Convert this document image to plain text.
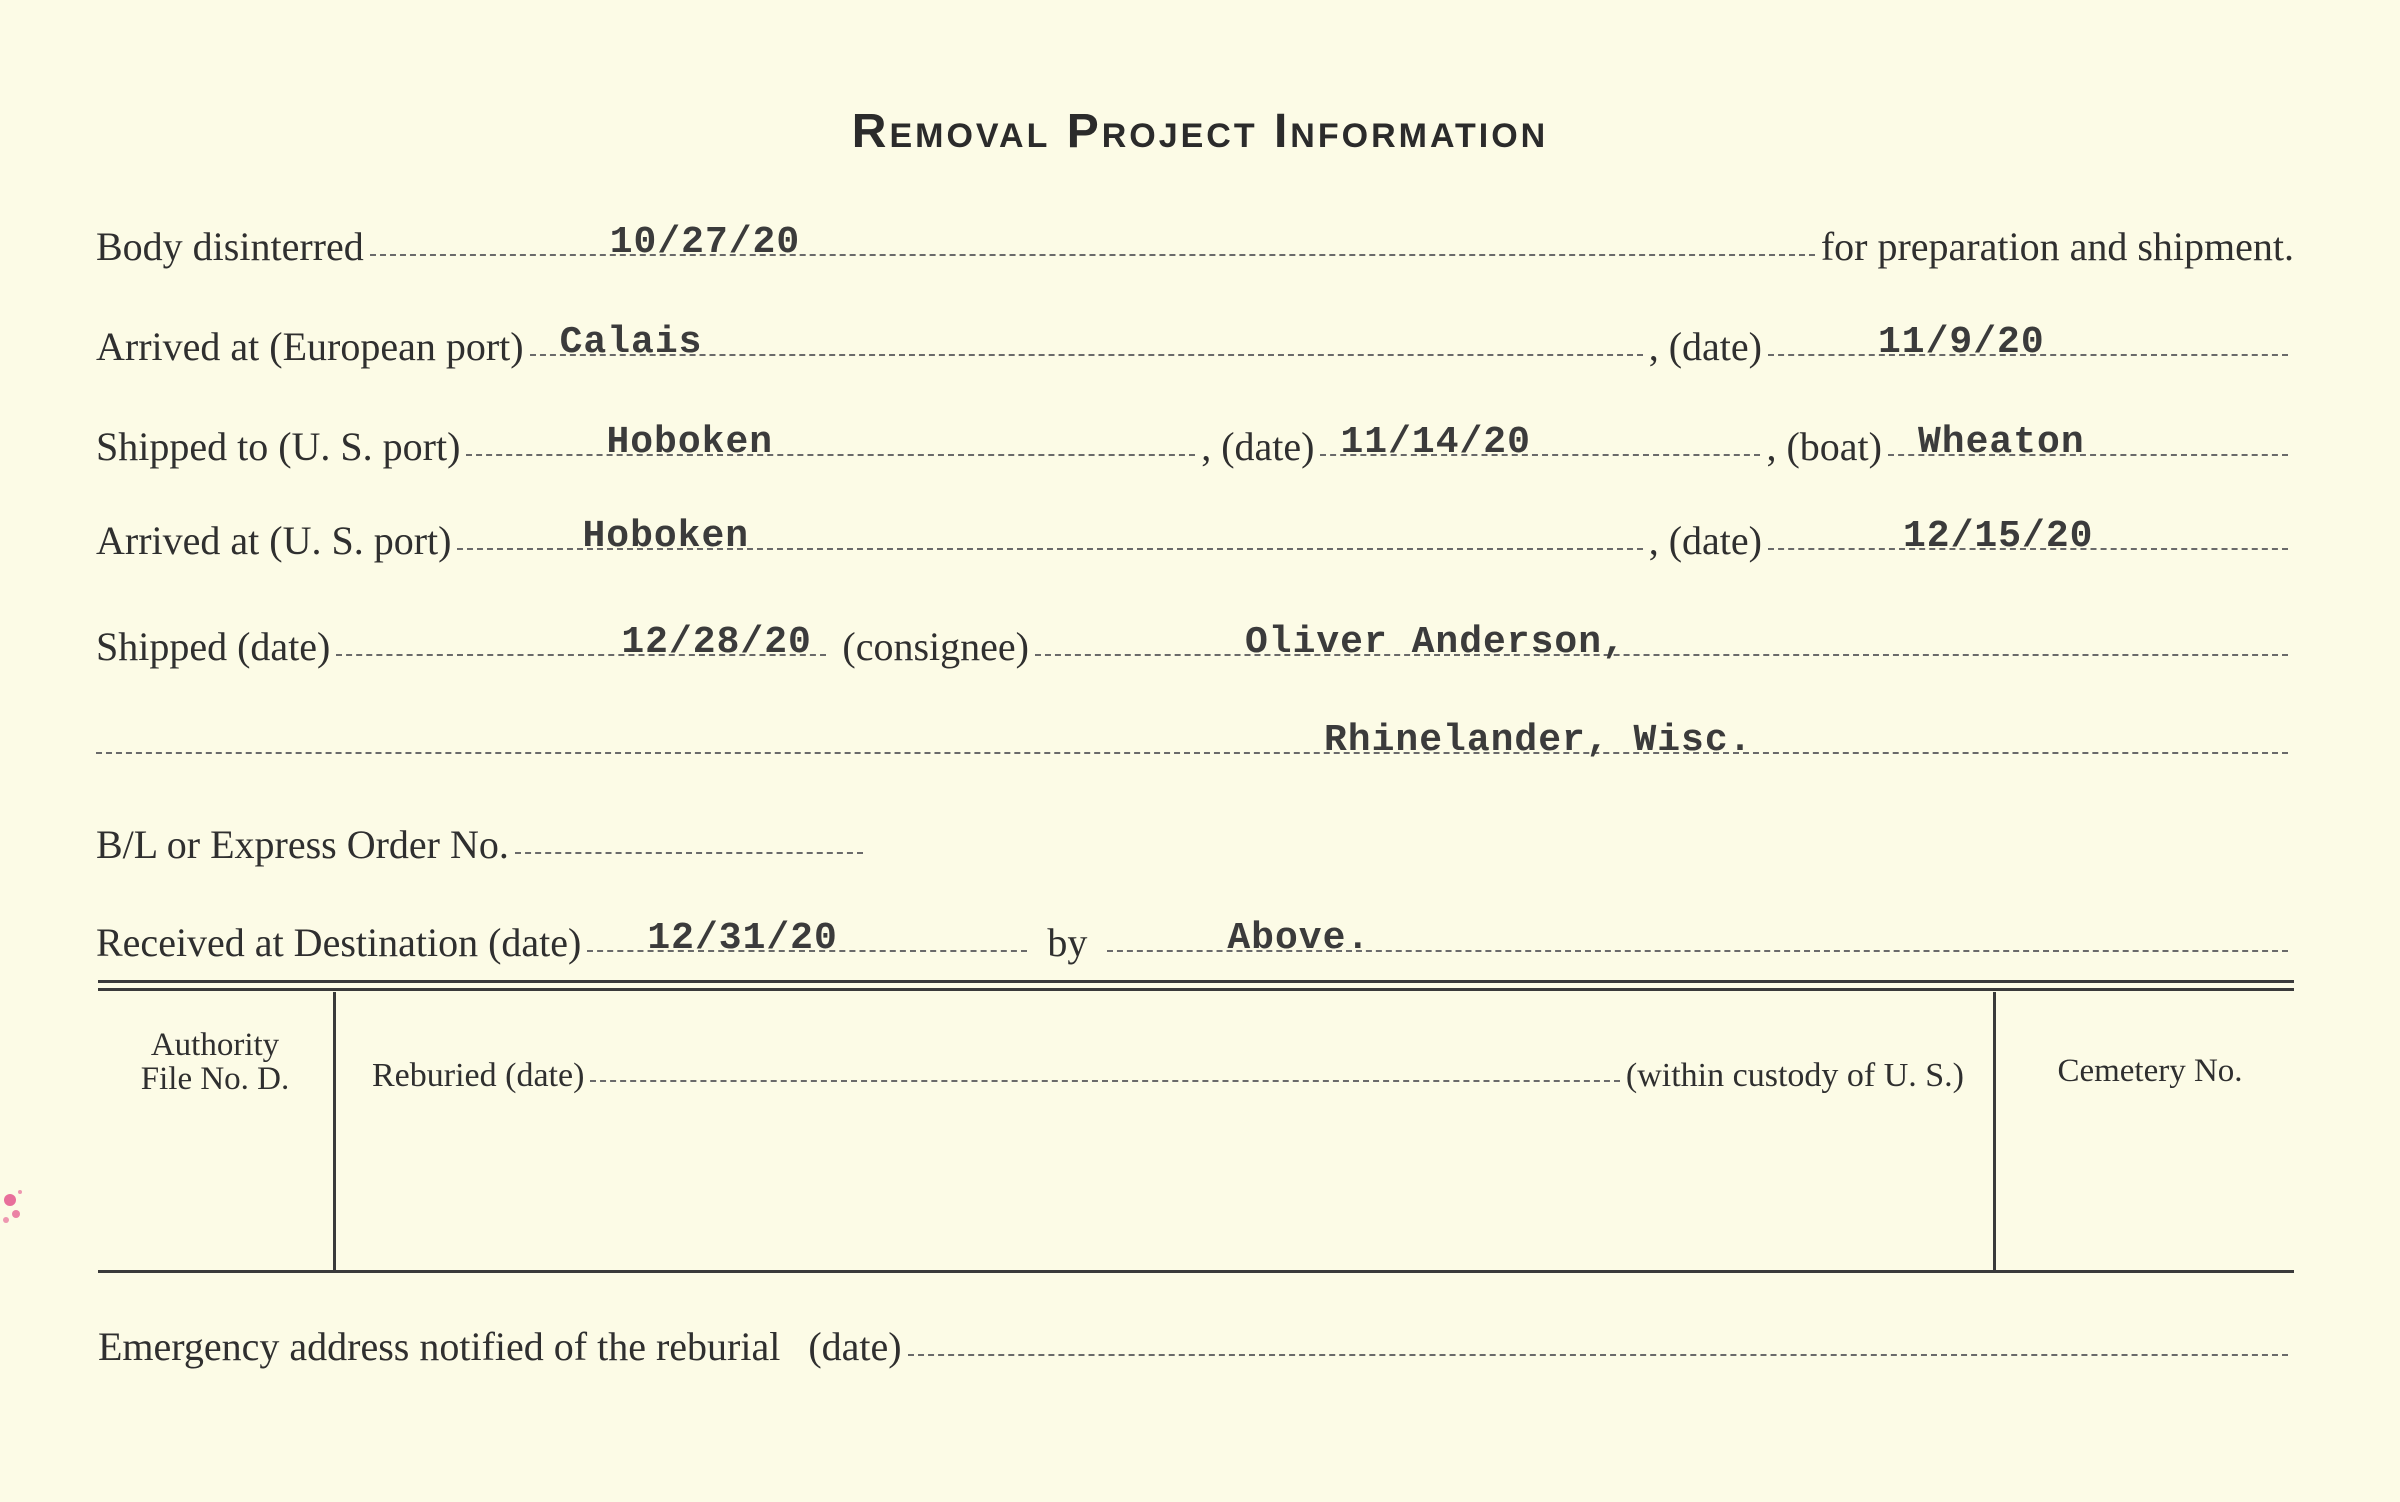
Removal Project Information
Body disinterred	10/27/20	for preparation and shipment.
Arrived at (European port) Calais	, (date)	11/9/20
Shipped to (U. S. port)	Hoboken	, (date) 11/14/20	, (boat) Wheaton
Arrived at (U. S. port)	Hoboken	, (date)	12/15/20
Shipped (date)	12/28/20 (consignee)	Oliver Anderson,
Rhinelander, Wisc.
B/L or Express Order No.
Received at Destination (date) 12/31/20	by	Above.
Authority
File No. D.	Reburied (date)	(within custody of U. S.)	Cemetery No.
Emergency address notified of the reburial (date)
